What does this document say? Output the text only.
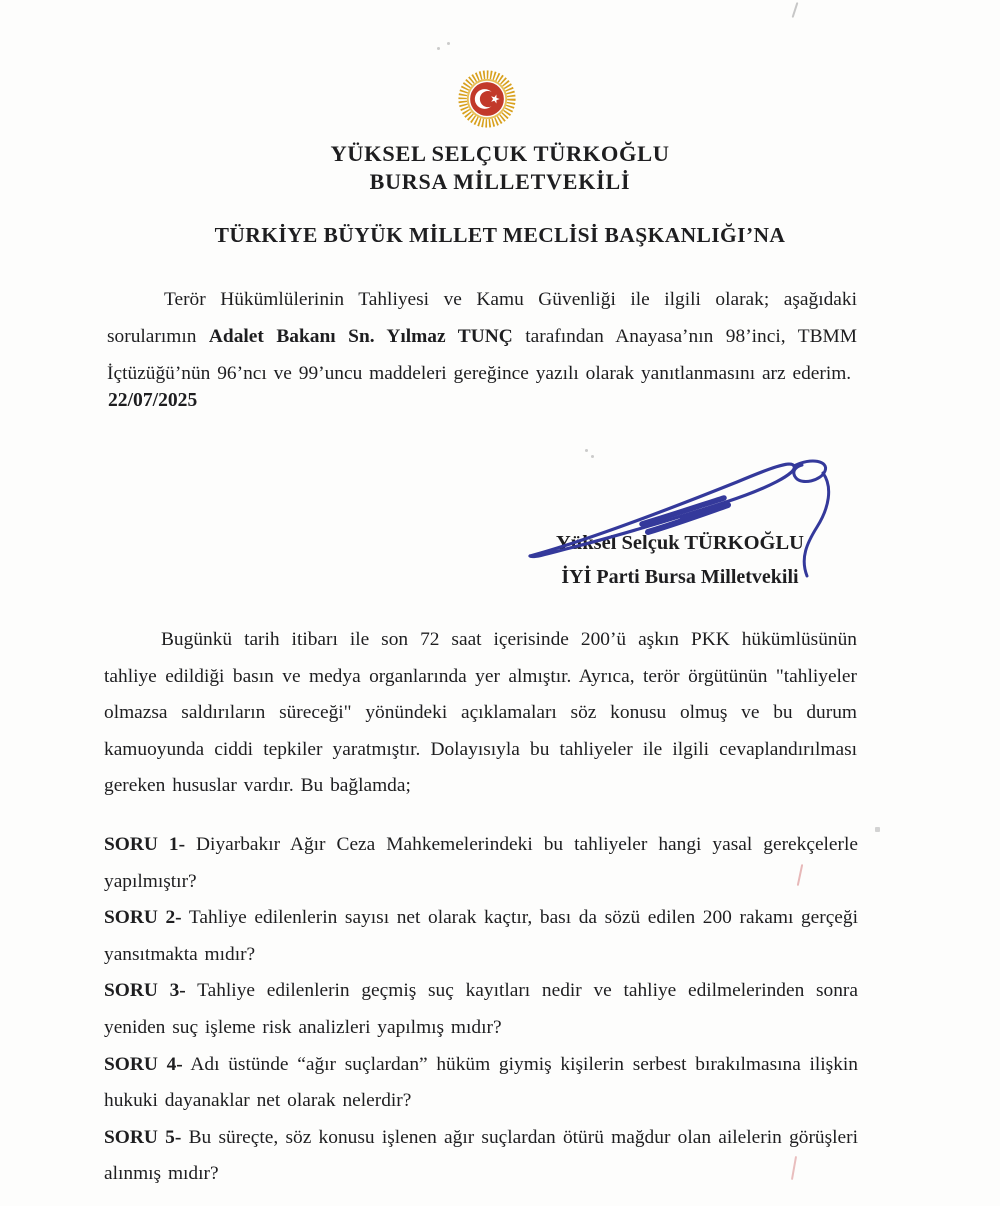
YÜKSEL SELÇUK TÜRKOĞLU
BURSA MİLLETVEKİLİ
TÜRKİYE BÜYÜK MİLLET MECLİSİ BAŞKANLIĞI’NA
Terör Hükümlülerinin Tahliyesi ve Kamu Güvenliği ile ilgili olarak; aşağıdaki sorularımın Adalet Bakanı Sn. Yılmaz TUNÇ tarafından Anayasa’nın 98’inci, TBMM İçtüzüğü’nün 96’ncı ve 99’uncu maddeleri gereğince yazılı olarak yanıtlanmasını arz ederim.
22/07/2025
Yüksel Selçuk TÜRKOĞLU
İYİ Parti Bursa Milletvekili
Bugünkü tarih itibarı ile son 72 saat içerisinde 200’ü aşkın PKK hükümlüsünün tahliye edildiği basın ve medya organlarında yer almıştır. Ayrıca, terör örgütünün "tahliyeler olmazsa saldırıların süreceği" yönündeki açıklamaları söz konusu olmuş ve bu durum kamuoyunda ciddi tepkiler yaratmıştır. Dolayısıyla bu tahliyeler ile ilgili cevaplandırılması gereken hususlar vardır. Bu bağlamda;

SORU 1- Diyarbakır Ağır Ceza Mahkemelerindeki bu tahliyeler hangi yasal gerekçelerle yapılmıştır?

SORU 2- Tahliye edilenlerin sayısı net olarak kaçtır, bası da sözü edilen 200 rakamı gerçeği yansıtmakta mıdır?

SORU 3- Tahliye edilenlerin geçmiş suç kayıtları nedir ve tahliye edilmelerinden sonra yeniden suç işleme risk analizleri yapılmış mıdır?

SORU 4- Adı üstünde “ağır suçlardan” hüküm giymiş kişilerin serbest bırakılmasına ilişkin hukuki dayanaklar net olarak nelerdir?

SORU 5- Bu süreçte, söz konusu işlenen ağır suçlardan ötürü mağdur olan ailelerin görüşleri alınmış mıdır?
